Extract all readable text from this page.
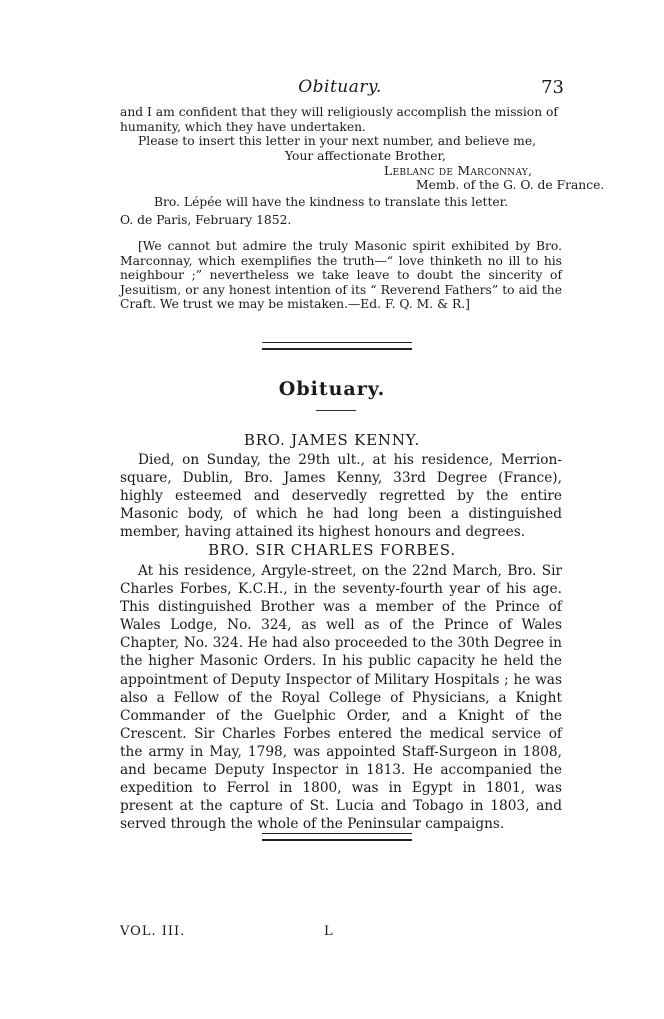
Obituary.	73

and I am confident that they will religiously accomplish the mission of humanity, which they have undertaken.

Please to insert this letter in your next number, and believe me,

Your affectionate Brother,
Leblanc de Marconnay,
Memb. of the G. O. de France.

Bro. Lépée will have the kindness to translate this letter.

O. de Paris, February 1852.

[We cannot but admire the truly Masonic spirit exhibited by Bro. Marconnay, which exemplifies the truth—“ love thinketh no ill to his neighbour ;” nevertheless we take leave to doubt the sincerity of Jesuitism, or any honest intention of its “ Reverend Fathers” to aid the Craft. We trust we may be mistaken.—Ed. F. Q. M. & R.]

Obituary.
BRO. JAMES KENNY.

Died, on Sunday, the 29th ult., at his residence, Merrion-square, Dublin, Bro. James Kenny, 33rd Degree (France), highly esteemed and deservedly regretted by the entire Masonic body, of which he had long been a distinguished member, having attained its highest honours and degrees.

BRO. SIR CHARLES FORBES.

At his residence, Argyle-street, on the 22nd March, Bro. Sir Charles Forbes, K.C.H., in the seventy-fourth year of his age. This distinguished Brother was a member of the Prince of Wales Lodge, No. 324, as well as of the Prince of Wales Chapter, No. 324. He had also proceeded to the 30th Degree in the higher Masonic Orders. In his public capacity he held the appointment of Deputy Inspector of Military Hospitals ; he was also a Fellow of the Royal College of Physicians, a Knight Commander of the Guelphic Order, and a Knight of the Crescent. Sir Charles Forbes entered the medical service of the army in May, 1798, was appointed Staff-Surgeon in 1808, and became Deputy Inspector in 1813. He accompanied the expedition to Ferrol in 1800, was in Egypt in 1801, was present at the capture of St. Lucia and Tobago in 1803, and served through the whole of the Peninsular campaigns.

VOL. III.	L
